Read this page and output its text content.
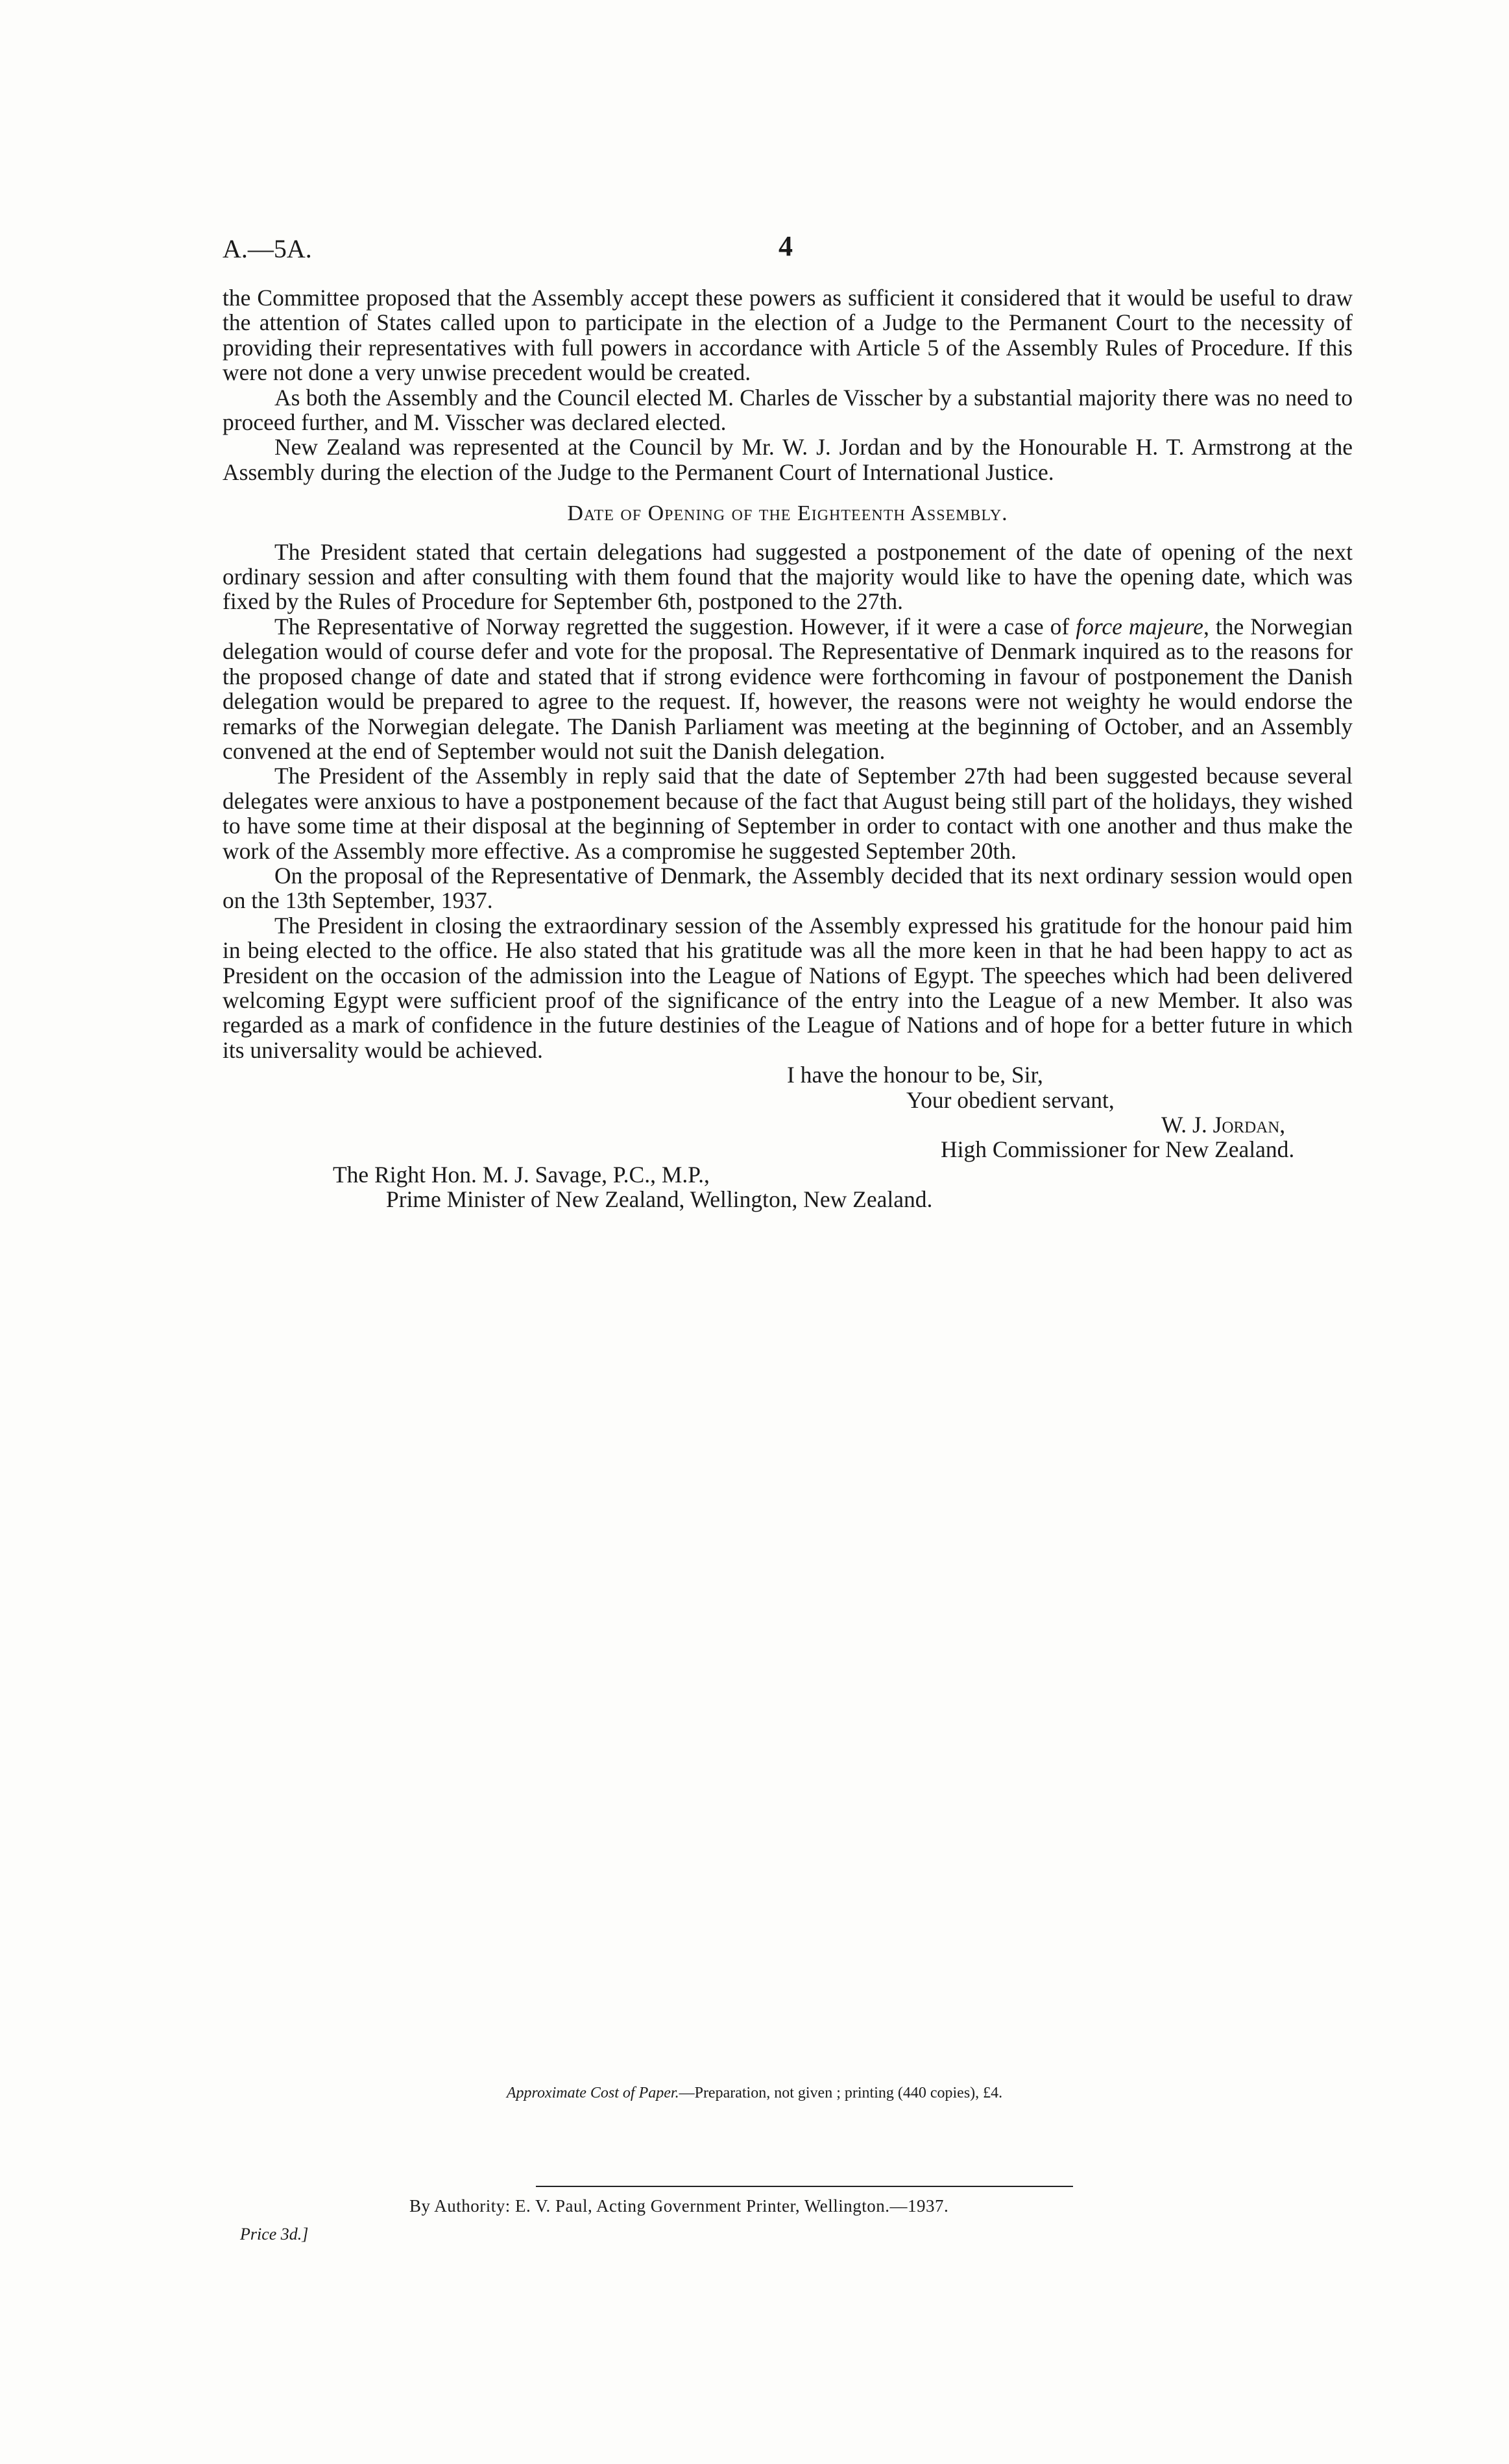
A.—5A.	4

the Committee proposed that the Assembly accept these powers as sufficient it considered that it would be useful to draw the attention of States called upon to participate in the election of a Judge to the Permanent Court to the necessity of providing their representatives with full powers in accordance with Article 5 of the Assembly Rules of Procedure. If this were not done a very unwise precedent would be created.

As both the Assembly and the Council elected M. Charles de Visscher by a substantial majority there was no need to proceed further, and M. Visscher was declared elected.

New Zealand was represented at the Council by Mr. W. J. Jordan and by the Honourable H. T. Armstrong at the Assembly during the election of the Judge to the Permanent Court of International Justice.

Date of Opening of the Eighteenth Assembly.

The President stated that certain delegations had suggested a postponement of the date of opening of the next ordinary session and after consulting with them found that the majority would like to have the opening date, which was fixed by the Rules of Procedure for September 6th, postponed to the 27th.

The Representative of Norway regretted the suggestion. However, if it were a case of force majeure, the Norwegian delegation would of course defer and vote for the proposal. The Representative of Denmark inquired as to the reasons for the proposed change of date and stated that if strong evidence were forthcoming in favour of postponement the Danish delegation would be prepared to agree to the request. If, however, the reasons were not weighty he would endorse the remarks of the Norwegian delegate. The Danish Parliament was meeting at the beginning of October, and an Assembly convened at the end of September would not suit the Danish delegation.

The President of the Assembly in reply said that the date of September 27th had been suggested because several delegates were anxious to have a postponement because of the fact that August being still part of the holidays, they wished to have some time at their disposal at the beginning of September in order to contact with one another and thus make the work of the Assembly more effective. As a compromise he suggested September 20th.

On the proposal of the Representative of Denmark, the Assembly decided that its next ordinary session would open on the 13th September, 1937.

The President in closing the extraordinary session of the Assembly expressed his gratitude for the honour paid him in being elected to the office. He also stated that his gratitude was all the more keen in that he had been happy to act as President on the occasion of the admission into the League of Nations of Egypt. The speeches which had been delivered welcoming Egypt were sufficient proof of the significance of the entry into the League of a new Member. It also was regarded as a mark of confidence in the future destinies of the League of Nations and of hope for a better future in which its universality would be achieved.

I have the honour to be, Sir,

Your obedient servant,

W. J. Jordan,

High Commissioner for New Zealand.

The Right Hon. M. J. Savage, P.C., M.P.,

Prime Minister of New Zealand, Wellington, New Zealand.

Approximate Cost of Paper.—Preparation, not given ; printing (440 copies), £4.
By Authority: E. V. Paul, Acting Government Printer, Wellington.—1937.
Price 3d.]
